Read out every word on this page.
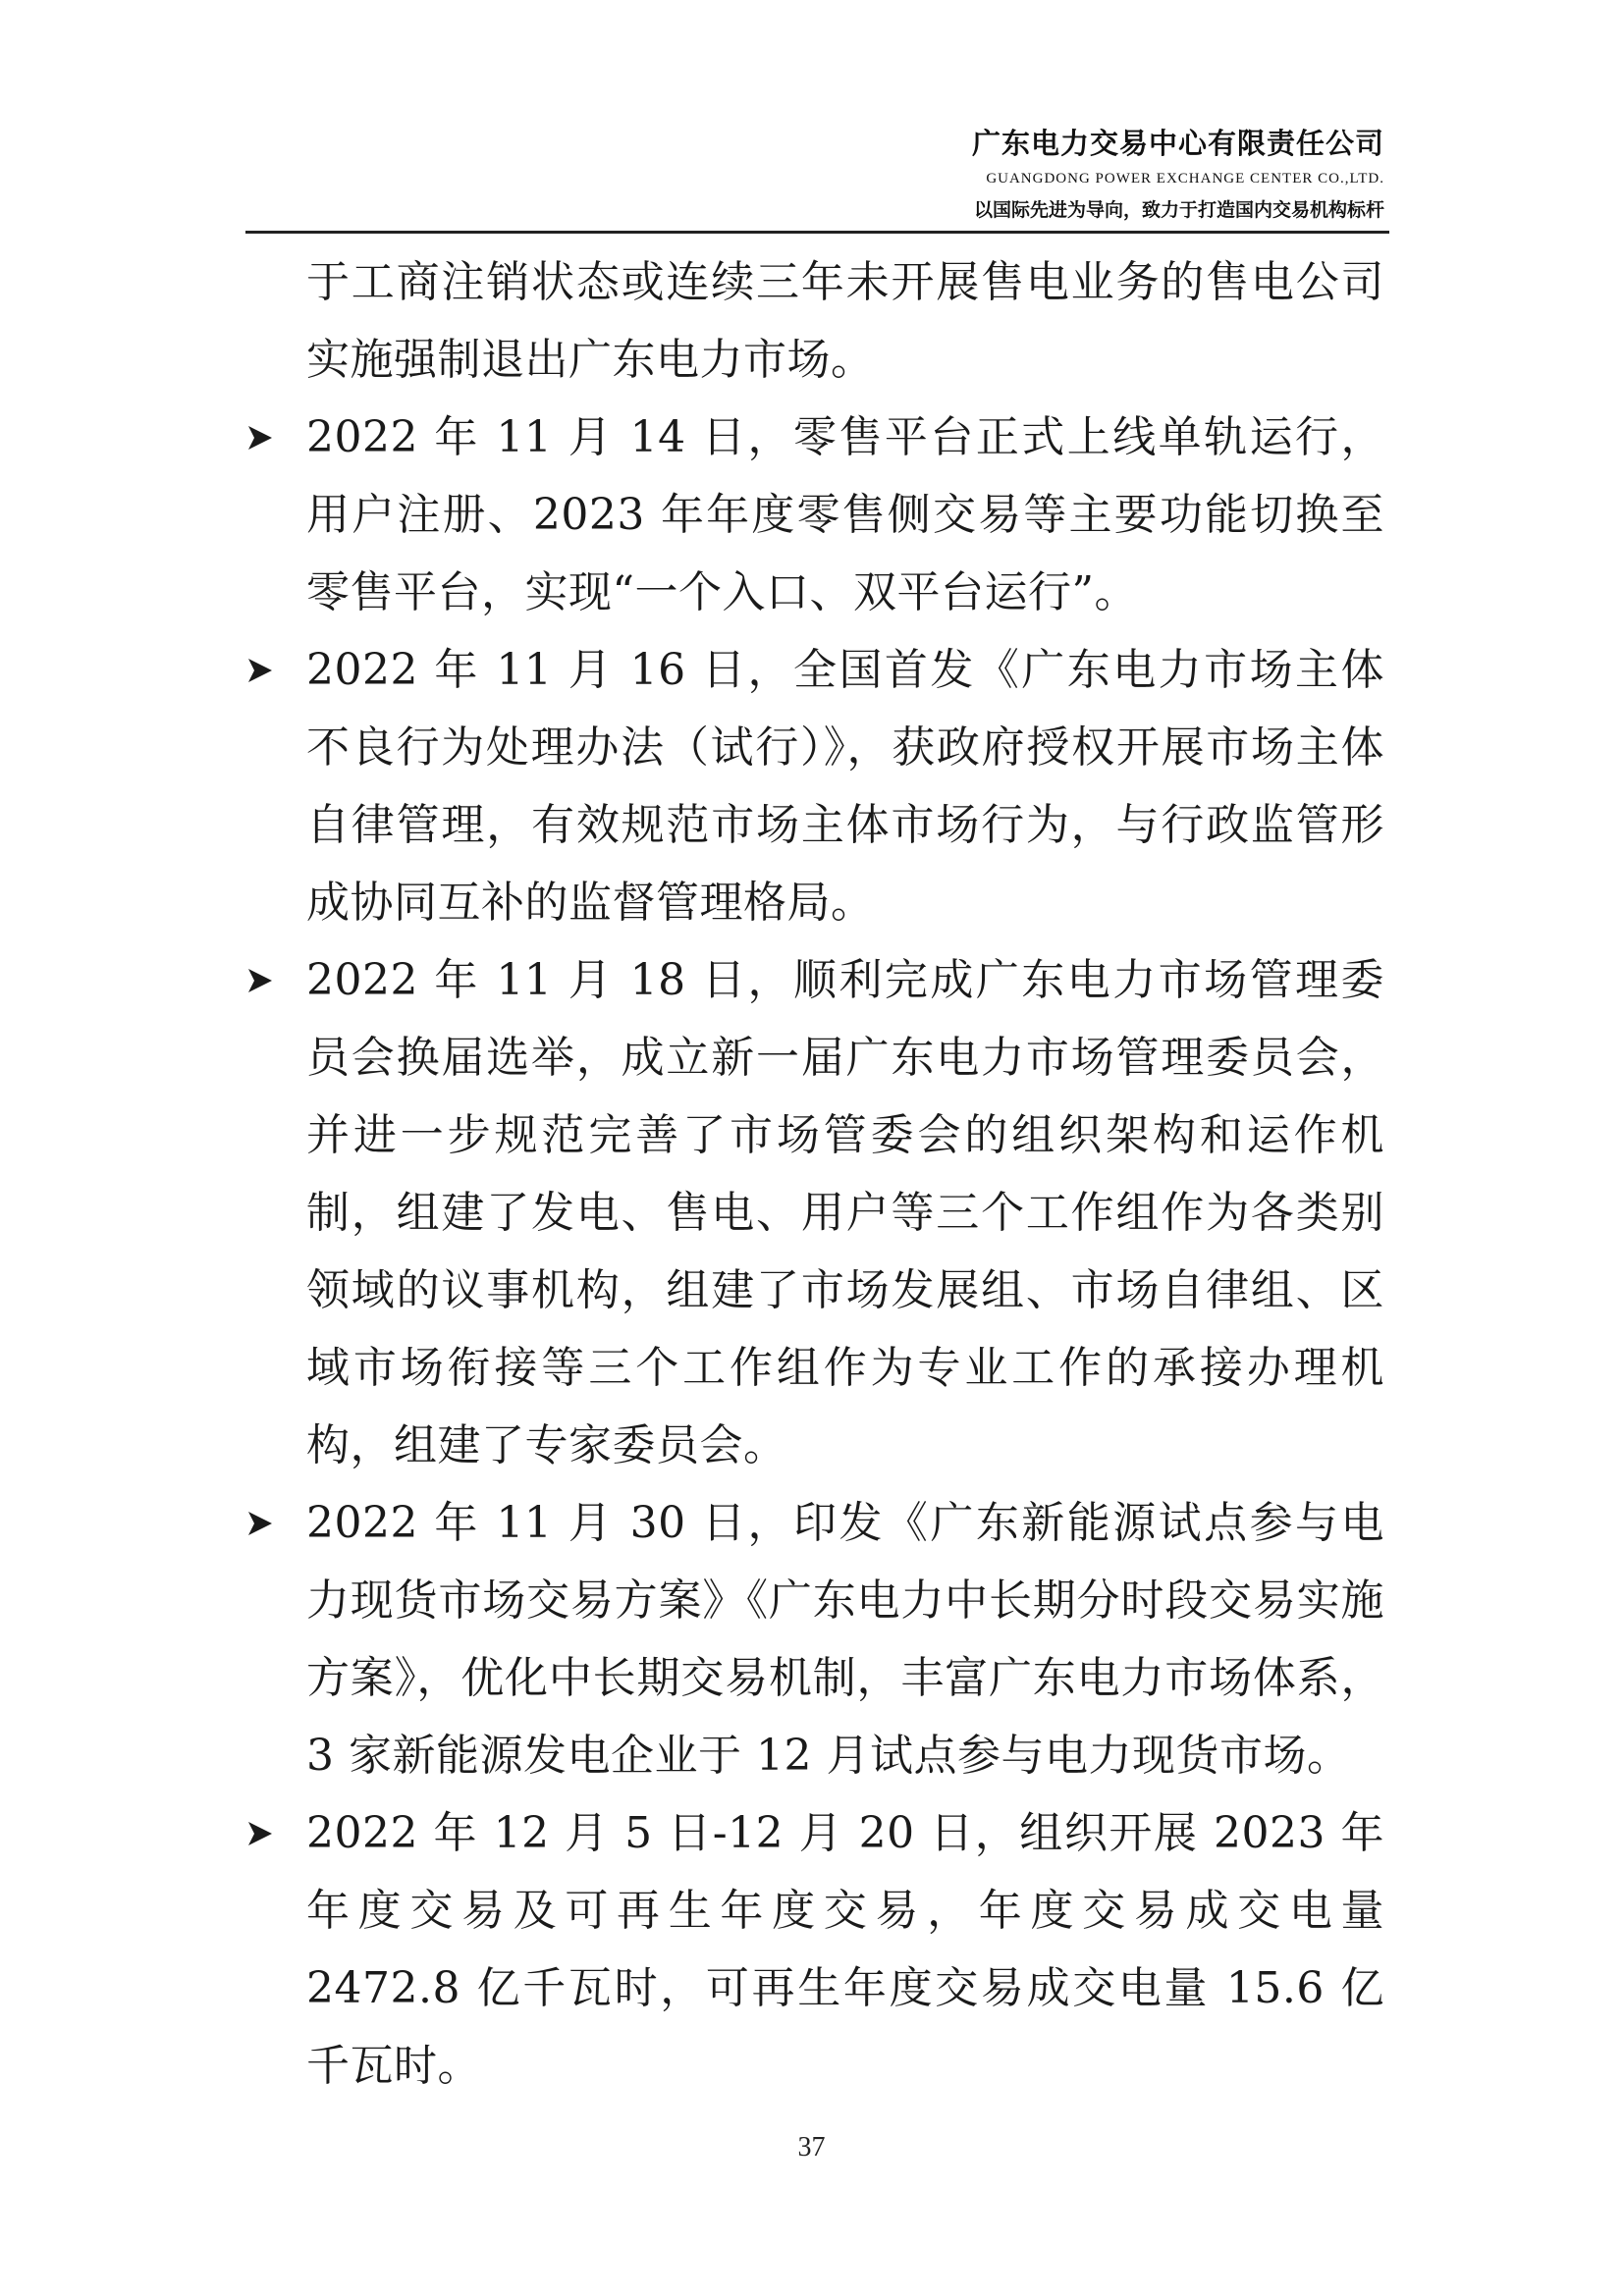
广东电力交易中心有限责任公司
GUANGDONG POWER EXCHANGE CENTER CO.,LTD.
以国际先进为导向，致力于打造国内交易机构标杆

于工商注销状态或连续三年未开展售电业务的售电公司实施强制退出广东电力市场。

2022 年 11 月 14 日，零售平台正式上线单轨运行，用户注册、2023 年年度零售侧交易等主要功能切换至零售平台，实现“一个入口、双平台运行”。
2022 年 11 月 16 日，全国首发《广东电力市场主体不良行为处理办法（试行）》，获政府授权开展市场主体自律管理，有效规范市场主体市场行为，与行政监管形成协同互补的监督管理格局。
2022 年 11 月 18 日，顺利完成广东电力市场管理委员会换届选举，成立新一届广东电力市场管理委员会，并进一步规范完善了市场管委会的组织架构和运作机制，组建了发电、售电、用户等三个工作组作为各类别领域的议事机构，组建了市场发展组、市场自律组、区域市场衔接等三个工作组作为专业工作的承接办理机构，组建了专家委员会。
2022 年 11 月 30 日，印发《广东新能源试点参与电力现货市场交易方案》《广东电力中长期分时段交易实施方案》，优化中长期交易机制，丰富广东电力市场体系，3 家新能源发电企业于 12 月试点参与电力现货市场。
2022 年 12 月 5 日-12 月 20 日，组织开展 2023 年年度交易及可再生年度交易，年度交易成交电量 2472.8 亿千瓦时，可再生年度交易成交电量 15.6 亿千瓦时。
37
